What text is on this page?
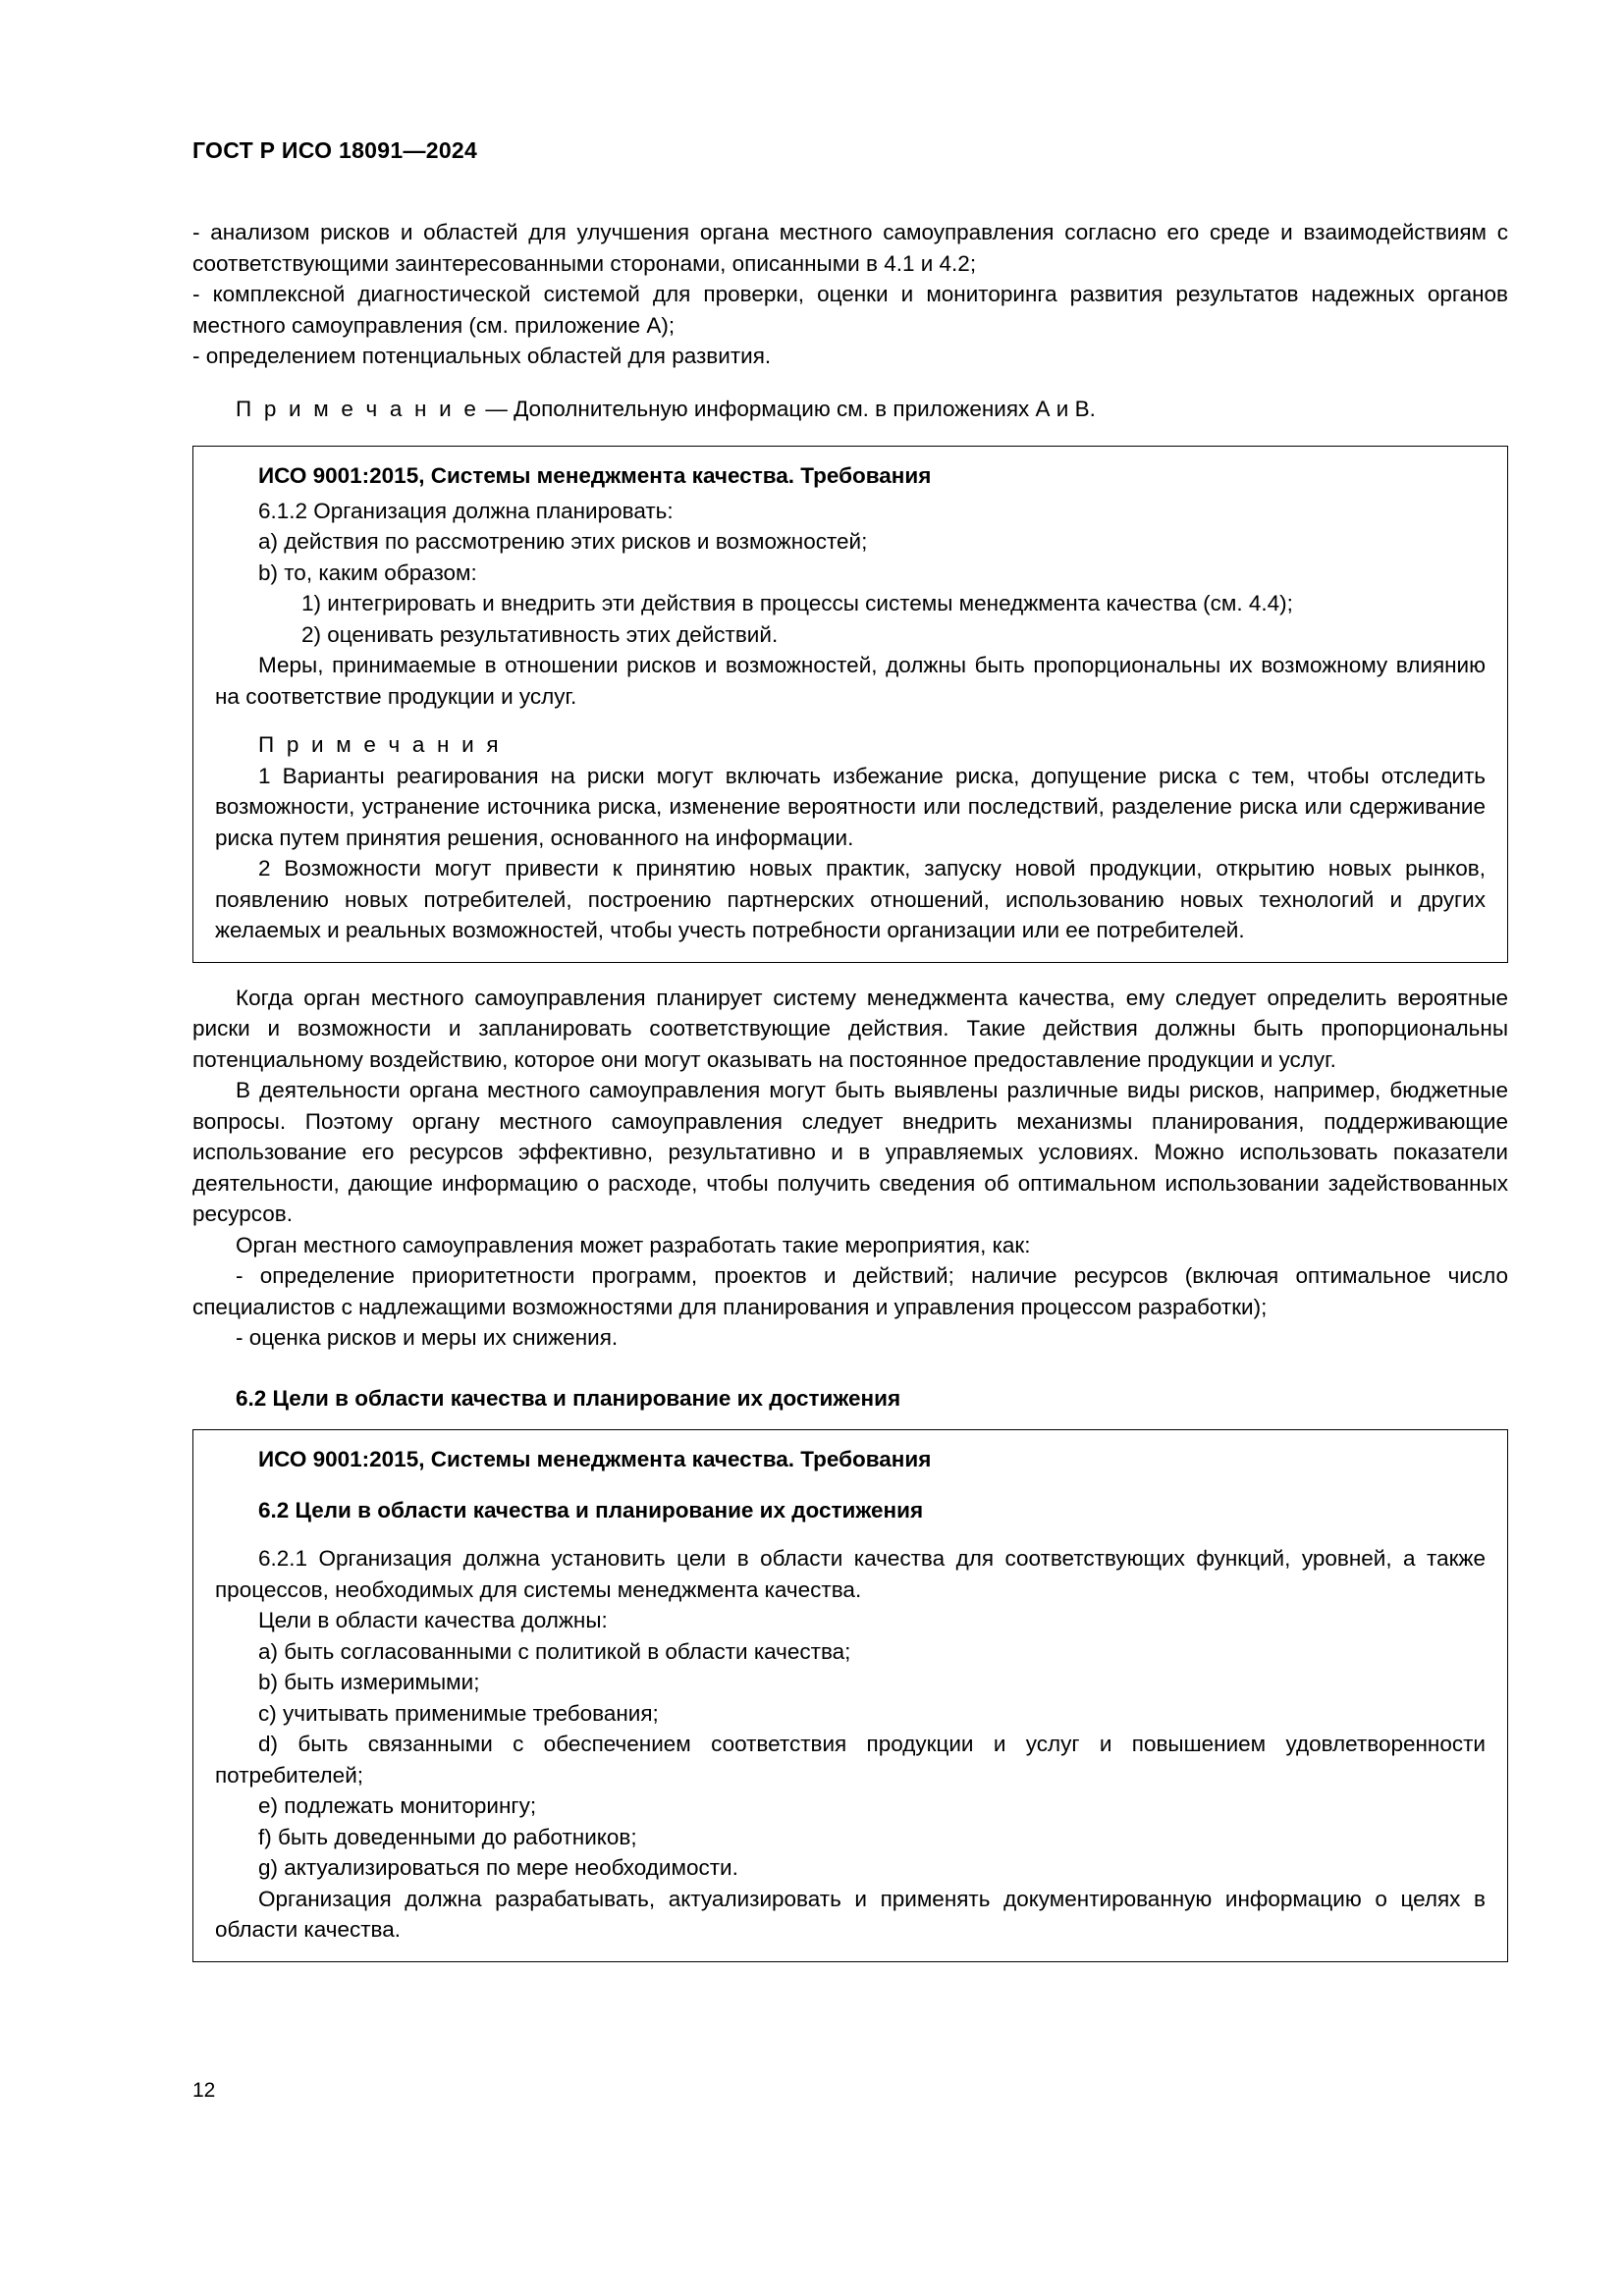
ГОСТ Р ИСО 18091—2024

- анализом рисков и областей для улучшения органа местного самоуправления согласно его среде и взаимодействиям с соответствующими заинтересованными сторонами, описанными в 4.1 и 4.2;

- комплексной диагностической системой для проверки, оценки и мониторинга развития результатов надежных органов местного самоуправления (см. приложение А);

- определением потенциальных областей для развития.

П р и м е ч а н и е — Дополнительную информацию см. в приложениях А и В.

ИСО 9001:2015, Системы менеджмента качества. Требования

6.1.2 Организация должна планировать:

a) действия по рассмотрению этих рисков и возможностей;

b) то, каким образом:

1) интегрировать и внедрить эти действия в процессы системы менеджмента качества (см. 4.4);

2) оценивать результативность этих действий.

Меры, принимаемые в отношении рисков и возможностей, должны быть пропорциональны их возможному влиянию на соответствие продукции и услуг.

П р и м е ч а н и я

1 Варианты реагирования на риски могут включать избежание риска, допущение риска с тем, чтобы отследить возможности, устранение источника риска, изменение вероятности или последствий, разделение риска или сдерживание риска путем принятия решения, основанного на информации.

2 Возможности могут привести к принятию новых практик, запуску новой продукции, открытию новых рынков, появлению новых потребителей, построению партнерских отношений, использованию новых технологий и других желаемых и реальных возможностей, чтобы учесть потребности организации или ее потребителей.

Когда орган местного самоуправления планирует систему менеджмента качества, ему следует определить вероятные риски и возможности и запланировать соответствующие действия. Такие действия должны быть пропорциональны потенциальному воздействию, которое они могут оказывать на постоянное предоставление продукции и услуг.

В деятельности органа местного самоуправления могут быть выявлены различные виды рисков, например, бюджетные вопросы. Поэтому органу местного самоуправления следует внедрить механизмы планирования, поддерживающие использование его ресурсов эффективно, результативно и в управляемых условиях. Можно использовать показатели деятельности, дающие информацию о расходе, чтобы получить сведения об оптимальном использовании задействованных ресурсов.

Орган местного самоуправления может разработать такие мероприятия, как:

- определение приоритетности программ, проектов и действий; наличие ресурсов (включая оптимальное число специалистов с надлежащими возможностями для планирования и управления процессом разработки);

- оценка рисков и меры их снижения.

6.2 Цели в области качества и планирование их достижения

ИСО 9001:2015, Системы менеджмента качества. Требования

6.2 Цели в области качества и планирование их достижения

6.2.1 Организация должна установить цели в области качества для соответствующих функций, уровней, а также процессов, необходимых для системы менеджмента качества.

Цели в области качества должны:

a) быть согласованными с политикой в области качества;

b) быть измеримыми;

c) учитывать применимые требования;

d) быть связанными с обеспечением соответствия продукции и услуг и повышением удовлетворенности потребителей;

e) подлежать мониторингу;

f) быть доведенными до работников;

g) актуализироваться по мере необходимости.

Организация должна разрабатывать, актуализировать и применять документированную информацию о целях в области качества.

12
